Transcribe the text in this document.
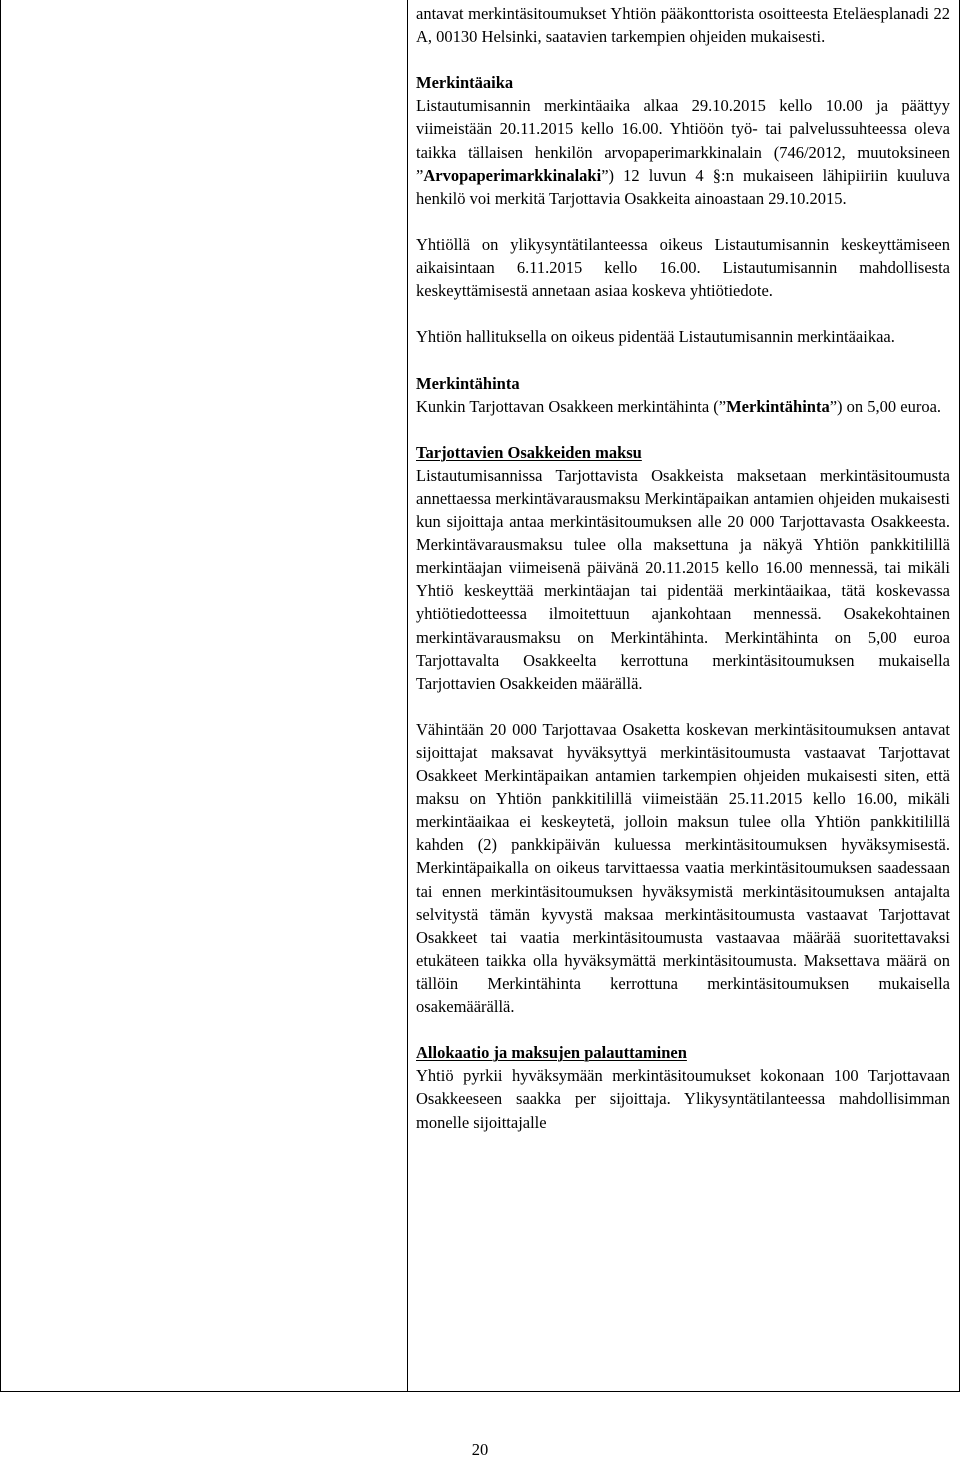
antavat merkintäsitoumukset Yhtiön pääkonttorista osoitteesta Eteläesplanadi 22 A, 00130 Helsinki, saatavien tarkempien ohjeiden mukaisesti.

Merkintäaika
Listautumisannin merkintäaika alkaa 29.10.2015 kello 10.00 ja päättyy viimeistään 20.11.2015 kello 16.00. Yhtiöön työ- tai palvelussuhteessa oleva taikka tällaisen henkilön arvopaperimarkkinalain (746/2012, muutoksineen ”Arvopaperimarkkinalaki”) 12 luvun 4 §:n mukaiseen lähipiiriin kuuluva henkilö voi merkitä Tarjottavia Osakkeita ainoastaan 29.10.2015.

Yhtiöllä on ylikysyntätilanteessa oikeus Listautumisannin keskeyttämiseen aikaisintaan 6.11.2015 kello 16.00. Listautumisannin mahdollisesta keskeyttämisestä annetaan asiaa koskeva yhtiötiedote.

Yhtiön hallituksella on oikeus pidentää Listautumisannin merkintäaikaa.

Merkintähinta
Kunkin Tarjottavan Osakkeen merkintähinta (”Merkintähinta”) on 5,00 euroa.

Tarjottavien Osakkeiden maksu
Listautumisannissa Tarjottavista Osakkeista maksetaan merkintäsitoumusta annettaessa merkintävarausmaksu Merkintäpaikan antamien ohjeiden mukaisesti kun sijoittaja antaa merkintäsitoumuksen alle 20 000 Tarjottavasta Osakkeesta. Merkintävarausmaksu tulee olla maksettuna ja näkyä Yhtiön pankkitilillä merkintäajan viimeisenä päivänä 20.11.2015 kello 16.00 mennessä, tai mikäli Yhtiö keskeyttää merkintäajan tai pidentää merkintäaikaa, tätä koskevassa yhtiötiedotteessa ilmoitettuun ajankohtaan mennessä. Osakekohtainen merkintävarausmaksu on Merkintähinta. Merkintähinta on 5,00 euroa Tarjottavalta Osakkeelta kerrottuna merkintäsitoumuksen mukaisella Tarjottavien Osakkeiden määrällä.

Vähintään 20 000 Tarjottavaa Osaketta koskevan merkintäsitoumuksen antavat sijoittajat maksavat hyväksyttyä merkintäsitoumusta vastaavat Tarjottavat Osakkeet Merkintäpaikan antamien tarkempien ohjeiden mukaisesti siten, että maksu on Yhtiön pankkitilillä viimeistään 25.11.2015 kello 16.00, mikäli merkintäaikaa ei keskeytetä, jolloin maksun tulee olla Yhtiön pankkitilillä kahden (2) pankkipäivän kuluessa merkintäsitoumuksen hyväksymisestä. Merkintäpaikalla on oikeus tarvittaessa vaatia merkintäsitoumuksen saadessaan tai ennen merkintäsitoumuksen hyväksymistä merkintäsitoumuksen antajalta selvitystä tämän kyvystä maksaa merkintäsitoumusta vastaavat Tarjottavat Osakkeet tai vaatia merkintäsitoumusta vastaavaa määrää suoritettavaksi etukäteen taikka olla hyväksymättä merkintäsitoumusta. Maksettava määrä on tällöin Merkintähinta kerrottuna merkintäsitoumuksen mukaisella osakemäärällä.

Allokaatio ja maksujen palauttaminen
Yhtiö pyrkii hyväksymään merkintäsitoumukset kokonaan 100 Tarjottavaan Osakkeeseen saakka per sijoittaja. Ylikysyntätilanteessa mahdollisimman monelle sijoittajalle

20
